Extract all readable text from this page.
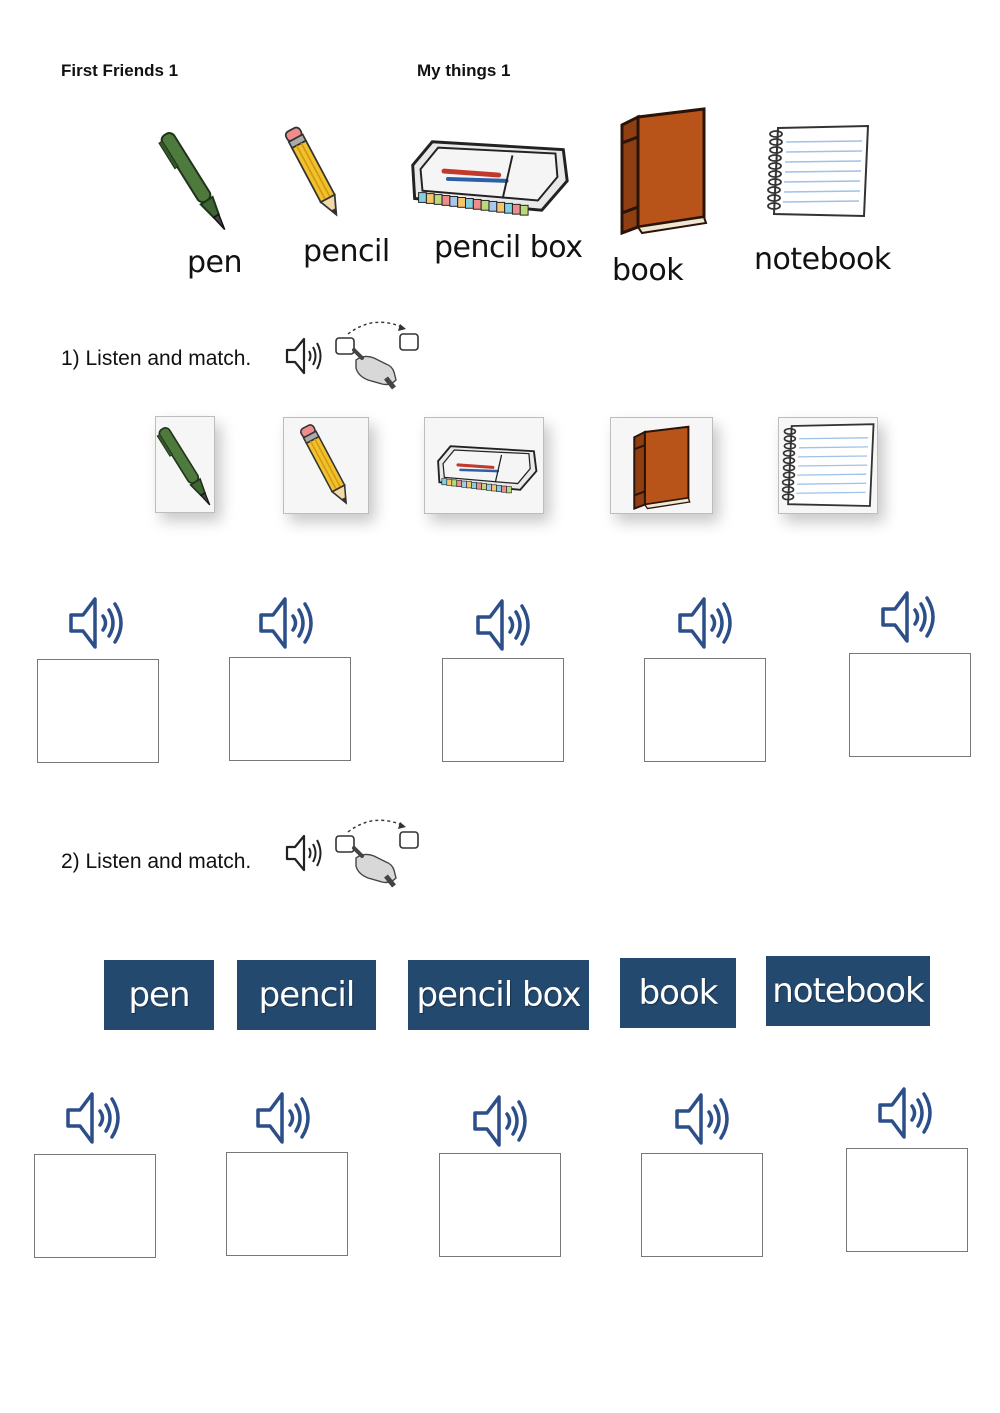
First Friends 1	My things 1
pen pencil pencil box
book notebook
1) Listen and match.
2) Listen and match.
pen	pencil	pencil box	book	notebook
